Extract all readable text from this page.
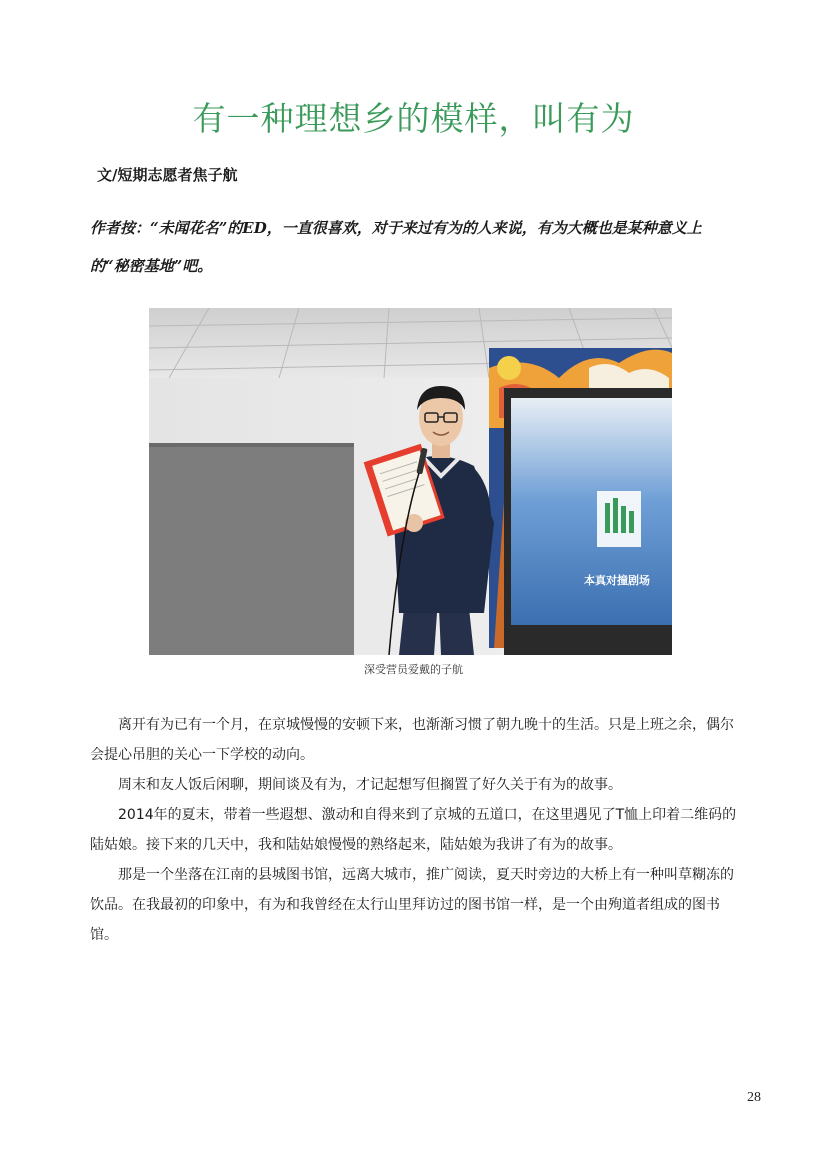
有一种理想乡的模样，叫有为
文/短期志愿者焦子航

作者按：“未闻花名”的ED，一直很喜欢，对于来过有为的人来说，有为大概也是某种意义上的“秘密基地”吧。

本真对撞剧场
深受营员爱戴的子航

离开有为已有一个月，在京城慢慢的安顿下来，也渐渐习惯了朝九晚十的生活。只是上班之余，偶尔会提心吊胆的关心一下学校的动向。

周末和友人饭后闲聊，期间谈及有为，才记起想写但搁置了好久关于有为的故事。

2014年的夏末，带着一些遐想、激动和自得来到了京城的五道口，在这里遇见了T恤上印着二维码的陆姑娘。接下来的几天中，我和陆姑娘慢慢的熟络起来，陆姑娘为我讲了有为的故事。

那是一个坐落在江南的县城图书馆，远离大城市，推广阅读，夏天时旁边的大桥上有一种叫草糊冻的饮品。在我最初的印象中，有为和我曾经在太行山里拜访过的图书馆一样，是一个由殉道者组成的图书馆。

28
